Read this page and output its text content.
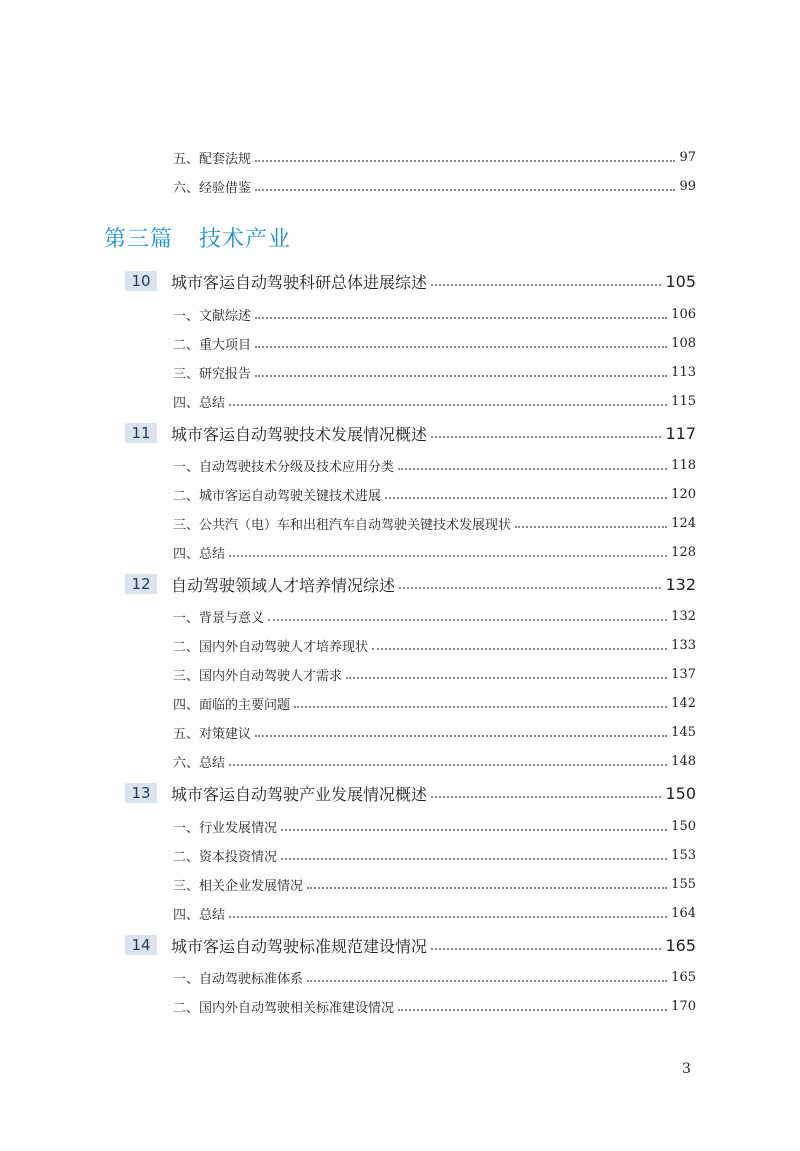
五、配套法规	97
六、经验借鉴	99
第三篇 技术产业
10	城市客运自动驾驶科研总体进展综述	105
一、文献综述	106
二、重大项目	108
三、研究报告	113
四、总结	115
11	城市客运自动驾驶技术发展情况概述	117
一、自动驾驶技术分级及技术应用分类	118
二、城市客运自动驾驶关键技术进展	120
三、公共汽（电）车和出租汽车自动驾驶关键技术发展现状	124
四、总结	128
12	自动驾驶领域人才培养情况综述	132
一、背景与意义	132
二、国内外自动驾驶人才培养现状	133
三、国内外自动驾驶人才需求	137
四、面临的主要问题	142
五、对策建议	145
六、总结	148
13	城市客运自动驾驶产业发展情况概述	150
一、行业发展情况	150
二、资本投资情况	153
三、相关企业发展情况	155
四、总结	164
14	城市客运自动驾驶标准规范建设情况	165
一、自动驾驶标准体系	165
二、国内外自动驾驶相关标准建设情况	170
3
